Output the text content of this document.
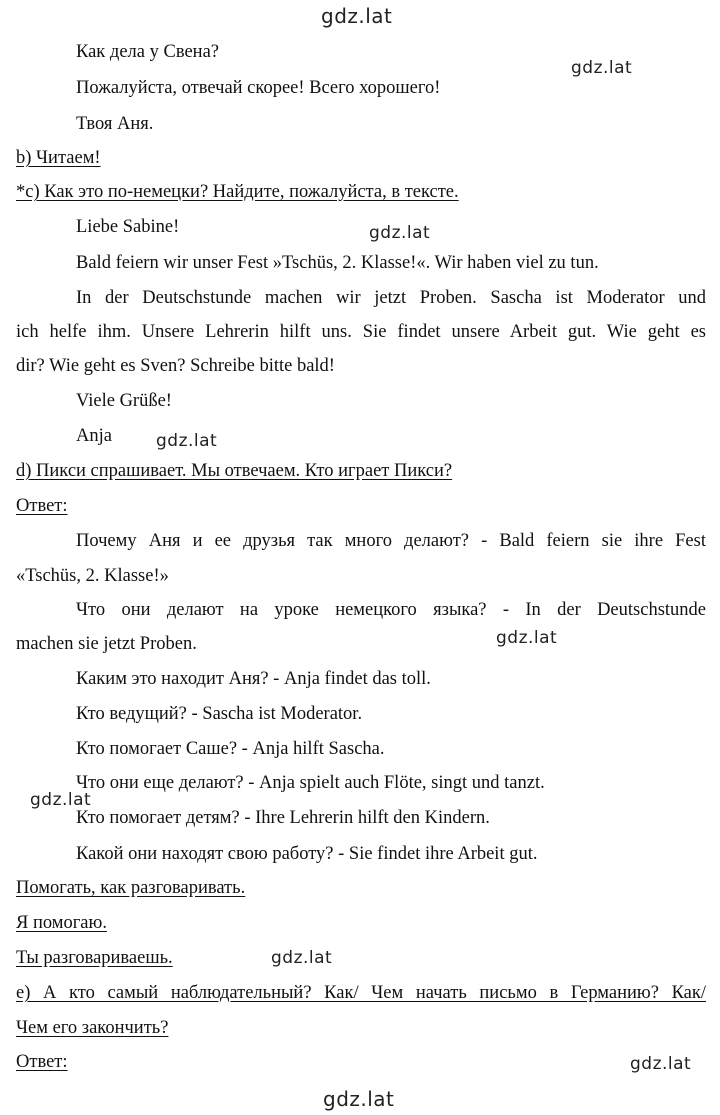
gdz.lat
gdz.lat
gdz.lat
gdz.lat
gdz.lat
gdz.lat
gdz.lat
gdz.lat
gdz.lat
Как дела у Свена?
Пожалуйста, отвечай скорее! Всего хорошего!
Твоя Аня.
b) Читаем!
*c) Как это по-немецки? Найдите, пожалуйста, в тексте.
Liebe Sabine!
Bald feiern wir unser Fest »Tschüs, 2. Klasse!«. Wir haben viel zu tun.
In der Deutschstunde machen wir jetzt Proben. Sascha ist Moderator und
ich helfe ihm. Unsere Lehrerin hilft uns. Sie findet unsere Arbeit gut. Wie geht es
dir? Wie geht es Sven? Schreibe bitte bald!
Viele Grüße!
Anja
d) Пикси спрашивает. Мы отвечаем. Кто играет Пикси?
Ответ:
Почему Аня и ее друзья так много делают? - Bald feiern sie ihre Fest
«Tschüs, 2. Klasse!»
Что они делают на уроке немецкого языка? - In der Deutschstunde
machen sie jetzt Proben.
Каким это находит Аня? - Anja findet das toll.
Кто ведущий? - Sascha ist Moderator.
Кто помогает Саше? - Anja hilft Sascha.
Что они еще делают? - Anja spielt auch Flöte, singt und tanzt.
Кто помогает детям? - Ihre Lehrerin hilft den Kindern.
Какой они находят свою работу? - Sie findet ihre Arbeit gut.
Помогать, как разговаривать.
Я помогаю.
Ты разговариваешь.
e) А кто самый наблюдательный? Как/ Чем начать письмо в Германию? Как/
Чем его закончить?
Ответ:
